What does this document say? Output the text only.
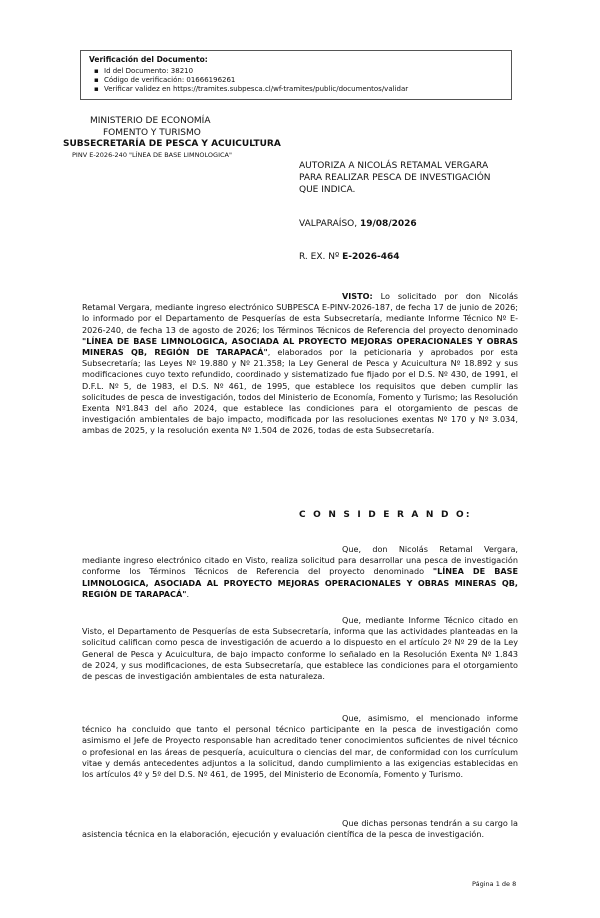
Verificación del Documento:
▪ Id del Documento: 38210
▪ Código de verificación: 01666196261
▪ Verificar validez en https://tramites.subpesca.cl/wf-tramites/public/documentos/validar
MINISTERIO DE ECONOMÍA
FOMENTO Y TURISMO
SUBSECRETARÍA DE PESCA Y ACUICULTURA
PINV E-2026-240 "LÍNEA DE BASE LIMNOLOGICA"
AUTORIZA A NICOLÁS RETAMAL VERGARA
PARA REALIZAR PESCA DE INVESTIGACIÓN
QUE INDICA.
VALPARAÍSO, 19/08/2026
R. EX. Nº E-2026-464
VISTO: Lo solicitado por don Nicolás Retamal Vergara, mediante ingreso electrónico SUBPESCA E-PINV-2026-187, de fecha 17 de junio de 2026; lo informado por el Departamento de Pesquerías de esta Subsecretaría, mediante Informe Técnico Nº E-2026-240, de fecha 13 de agosto de 2026; los Términos Técnicos de Referencia del proyecto denominado "LÍNEA DE BASE LIMNOLOGICA, ASOCIADA AL PROYECTO MEJORAS OPERACIONALES Y OBRAS MINERAS QB, REGIÓN DE TARAPACÁ", elaborados por la peticionaria y aprobados por esta Subsecretaría; las Leyes Nº 19.880 y Nº 21.358; la Ley General de Pesca y Acuicultura Nº 18.892 y sus modificaciones cuyo texto refundido, coordinado y sistematizado fue fijado por el D.S. Nº 430, de 1991, el D.F.L. Nº 5, de 1983, el D.S. Nº 461, de 1995, que establece los requisitos que deben cumplir las solicitudes de pesca de investigación, todos del Ministerio de Economía, Fomento y Turismo; las Resolución Exenta Nº1.843 del año 2024, que establece las condiciones para el otorgamiento de pescas de investigación ambientales de bajo impacto, modificada por las resoluciones exentas Nº 170 y Nº 3.034, ambas de 2025, y la resolución exenta Nº 1.504 de 2026, todas de esta Subsecretaría.
C O N S I D E R A N D O:
Que, don Nicolás Retamal Vergara, mediante ingreso electrónico citado en Visto, realiza solicitud para desarrollar una pesca de investigación conforme los Términos Técnicos de Referencia del proyecto denominado "LÍNEA DE BASE LIMNOLOGICA, ASOCIADA AL PROYECTO MEJORAS OPERACIONALES Y OBRAS MINERAS QB, REGIÓN DE TARAPACÁ".
Que, mediante Informe Técnico citado en Visto, el Departamento de Pesquerías de esta Subsecretaría, informa que las actividades planteadas en la solicitud califican como pesca de investigación de acuerdo a lo dispuesto en el artículo 2º Nº 29 de la Ley General de Pesca y Acuicultura, de bajo impacto conforme lo señalado en la Resolución Exenta Nº 1.843 de 2024, y sus modificaciones, de esta Subsecretaría, que establece las condiciones para el otorgamiento de pescas de investigación ambientales de esta naturaleza.
Que, asimismo, el mencionado informe técnico ha concluido que tanto el personal técnico participante en la pesca de investigación como asimismo el Jefe de Proyecto responsable han acreditado tener conocimientos suficientes de nivel técnico o profesional en las áreas de pesquería, acuicultura o ciencias del mar, de conformidad con los currículum vitae y demás antecedentes adjuntos a la solicitud, dando cumplimiento a las exigencias establecidas en los artículos 4º y 5º del D.S. Nº 461, de 1995, del Ministerio de Economía, Fomento y Turismo.
Que dichas personas tendrán a su cargo la asistencia técnica en la elaboración, ejecución y evaluación científica de la pesca de investigación.
Página 1 de 8
